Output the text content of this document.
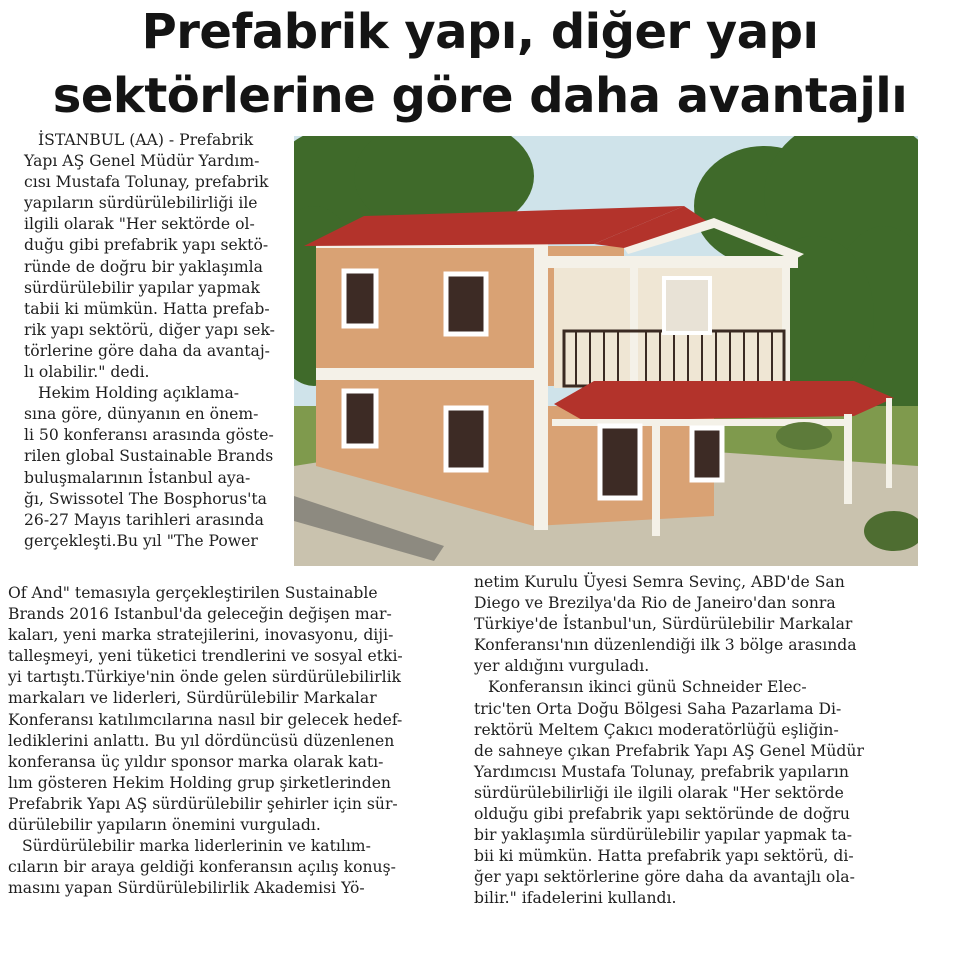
Prefabrik yapı, diğer yapı
sektörlerine göre daha avantajlı

İSTANBUL (AA) - Prefabrik
Yapı AŞ Genel Müdür Yardım-
cısı Mustafa Tolunay, prefabrik
yapıların sürdürülebilirliği ile
ilgili olarak "Her sektörde ol-
duğu gibi prefabrik yapı sektö-
ründe de doğru bir yaklaşımla
sürdürülebilir yapılar yapmak
tabii ki mümkün. Hatta prefab-
rik yapı sektörü, diğer yapı sek-
törlerine göre daha da avantaj-
lı olabilir." dedi.
Hekim Holding açıklama-
sına göre, dünyanın en önem-
li 50 konferansı arasında göste-
rilen global Sustainable Brands
buluşmalarının İstanbul aya-
ğı, Swissotel The Bosphorus'ta
26-27 Mayıs tarihleri arasında
gerçekleşti.Bu yıl "The Power

Of And" temasıyla gerçekleştirilen Sustainable
Brands 2016 Istanbul'da geleceğin değişen mar-
kaları, yeni marka stratejilerini, inovasyonu, diji-
talleşmeyi, yeni tüketici trendlerini ve sosyal etki-
yi tartıştı.Türkiye'nin önde gelen sürdürülebilirlik
markaları ve liderleri, Sürdürülebilir Markalar
Konferansı katılımcılarına nasıl bir gelecek hedef-
lediklerini anlattı. Bu yıl dördüncüsü düzenlenen
konferansa üç yıldır sponsor marka olarak katı-
lım gösteren Hekim Holding grup şirketlerinden
Prefabrik Yapı AŞ sürdürülebilir şehirler için sür-
dürülebilir yapıların önemini vurguladı.
Sürdürülebilir marka liderlerinin ve katılım-
cıların bir araya geldiği konferansın açılış konuş-
masını yapan Sürdürülebilirlik Akademisi Yö-

netim Kurulu Üyesi Semra Sevinç, ABD'de San
Diego ve Brezilya'da Rio de Janeiro'dan sonra
Türkiye'de İstanbul'un, Sürdürülebilir Markalar
Konferansı'nın düzenlendiği ilk 3 bölge arasında
yer aldığını vurguladı.
Konferansın ikinci günü Schneider Elec-
tric'ten Orta Doğu Bölgesi Saha Pazarlama Di-
rektörü Meltem Çakıcı moderatörlüğü eşliğin-
de sahneye çıkan Prefabrik Yapı AŞ Genel Müdür
Yardımcısı Mustafa Tolunay, prefabrik yapıların
sürdürülebilirliği ile ilgili olarak "Her sektörde
olduğu gibi prefabrik yapı sektöründe de doğru
bir yaklaşımla sürdürülebilir yapılar yapmak ta-
bii ki mümkün. Hatta prefabrik yapı sektörü, di-
ğer yapı sektörlerine göre daha da avantajlı ola-
bilir." ifadelerini kullandı.
